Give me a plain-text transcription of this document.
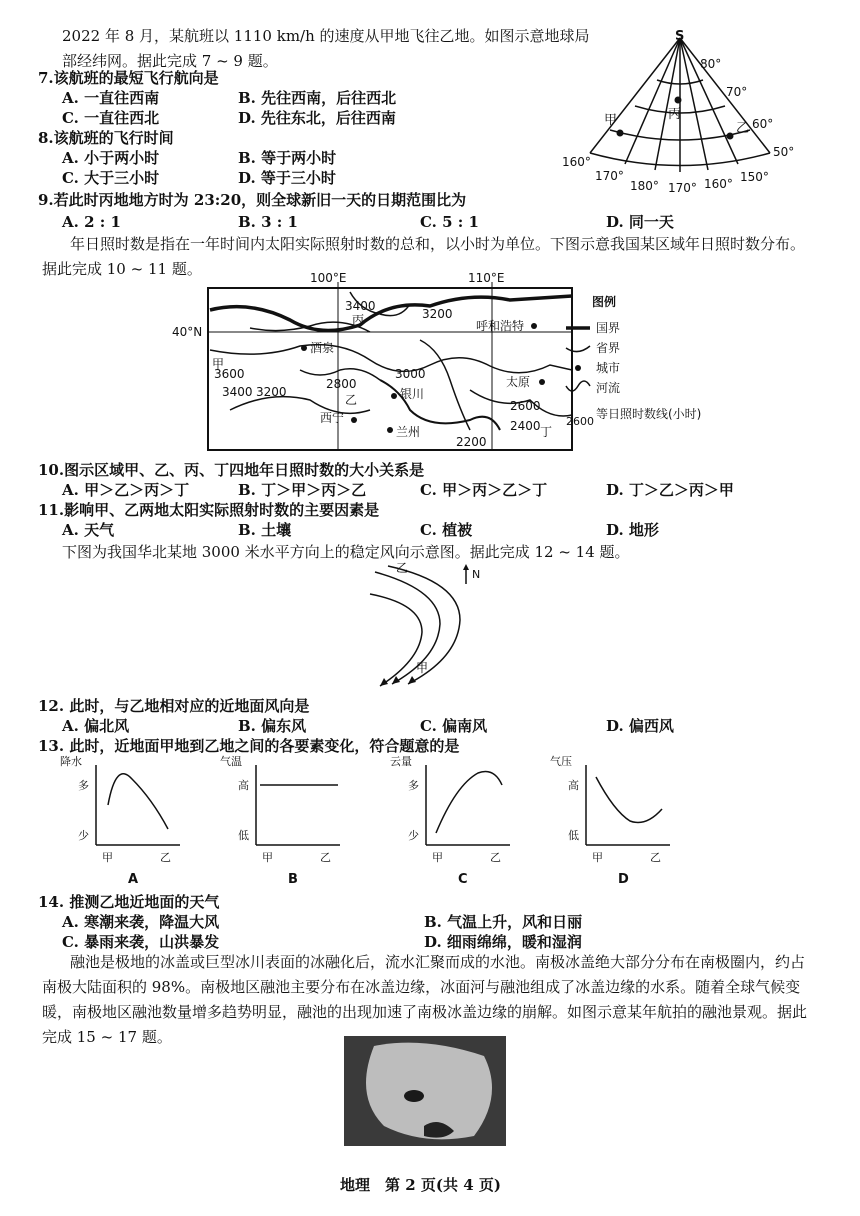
2022 年 8 月，某航班以 1110 km/h 的速度从甲地飞往乙地。如图示意地球局部经纬网。据此完成 7 ~ 9 题。
7.该航班的最短飞行航向是
A. 一直往西南	B. 先往西南，后往西北
C. 一直往西北	D. 先往东北，后往西南
8.该航班的飞行时间
A. 小于两小时	B. 等于两小时
C. 大于三小时	D. 等于三小时
9.若此时丙地地方时为 23:20，则全球新旧一天的日期范围比为
A. 2 : 1	B. 3 : 1	C. 5 : 1	D. 同一天
S
80°
70°
60°
50°
160°
170°
180° 170° 160° 150°
甲	丙
乙
年日照时数是指在一年时间内太阳实际照射时数的总和，以小时为单位。下图示意我国某区域年日照时数分布。据此完成 10 ~ 11 题。	100°E	110°E
40°N
3400
3200
3600
3400 3200
2800
3000
2600
2400
2200
丙
甲
乙
丁
呼和浩特
酒泉
银川
太原
西宁
兰州
图例
国界
省界
城市
河流
2600
等日照时数线(小时)
10.图示区域甲、乙、丙、丁四地年日照时数的大小关系是
A. 甲＞乙＞丙＞丁	B. 丁＞甲＞丙＞乙	C. 甲＞丙＞乙＞丁	D. 丁＞乙＞丙＞甲
11.影响甲、乙两地太阳实际照射时数的主要因素是
A. 天气	B. 土壤	C. 植被	D. 地形
下图为我国华北某地 3000 米水平方向上的稳定风向示意图。据此完成 12 ~ 14 题。
乙
甲
N
12. 此时，与乙地相对应的近地面风向是
A. 偏北风	B. 偏东风	C. 偏南风	D. 偏西风
13. 此时，近地面甲地到乙地之间的各要素变化，符合题意的是
降水
多
少
甲	乙
A
气温
高
低
甲	乙
B
云量
多
少
甲	乙
C
气压
高
低
甲	乙
D
14. 推测乙地近地面的天气
A. 寒潮来袭，降温大风	B. 气温上升，风和日丽
C. 暴雨来袭，山洪暴发	D. 细雨绵绵，暖和湿润
融池是极地的冰盖或巨型冰川表面的冰融化后，流水汇聚而成的水池。南极冰盖绝大部分分布在南极圈内，约占南极大陆面积的 98%。南极地区融池主要分布在冰盖边缘，冰面河与融池组成了冰盖边缘的水系。随着全球气候变暖，南极地区融池数量增多趋势明显，融池的出现加速了南极冰盖边缘的崩解。如图示意某年航拍的融池景观。据此完成 15 ~ 17 题。
地理　第 2 页(共 4 页)
